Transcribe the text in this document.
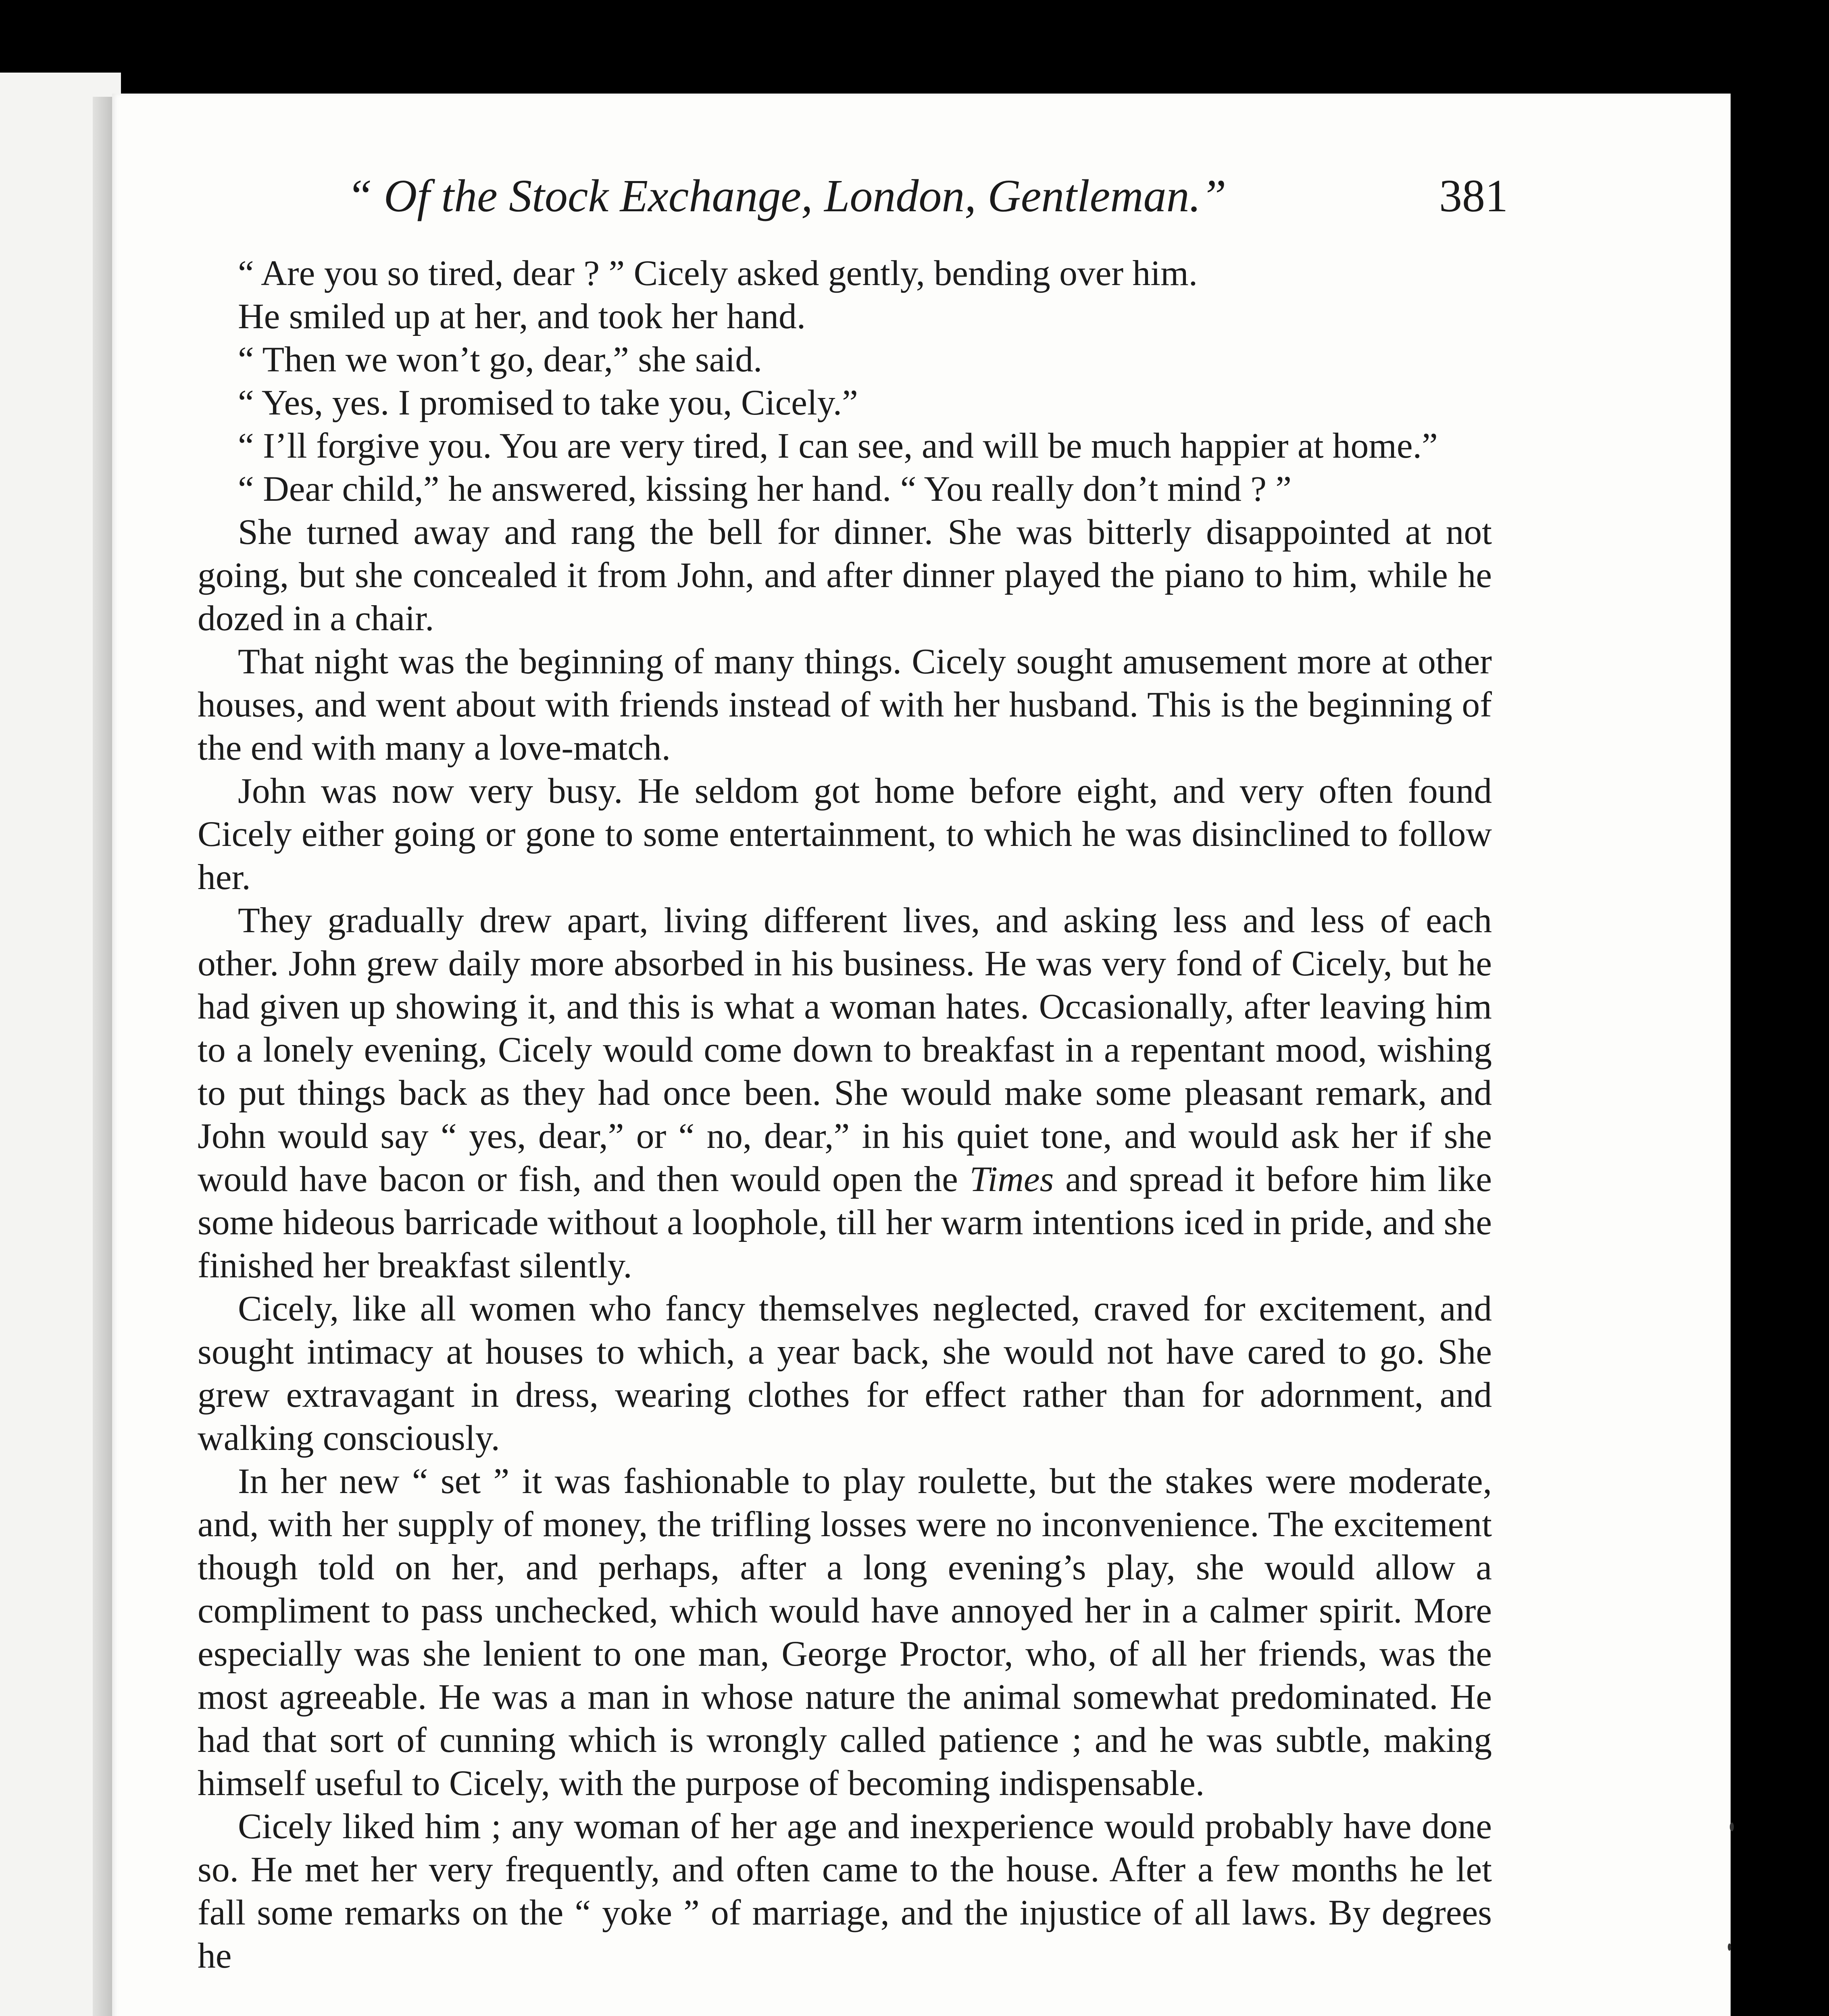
“ Of the Stock Exchange, London, Gentleman.”	381

“ Are you so tired, dear ? ” Cicely asked gently, bending over him.

He smiled up at her, and took her hand.

“ Then we won’t go, dear,” she said.

“ Yes, yes. I promised to take you, Cicely.”

“ I’ll forgive you. You are very tired, I can see, and will be much happier at home.”

“ Dear child,” he answered, kissing her hand. “ You really don’t mind ? ”

She turned away and rang the bell for dinner. She was bitterly disappointed at not going, but she concealed it from John, and after dinner played the piano to him, while he dozed in a chair.

That night was the beginning of many things. Cicely sought amusement more at other houses, and went about with friends instead of with her husband. This is the beginning of the end with many a love-match.

John was now very busy. He seldom got home before eight, and very often found Cicely either going or gone to some entertainment, to which he was disinclined to follow her.

They gradually drew apart, living different lives, and asking less and less of each other. John grew daily more absorbed in his business. He was very fond of Cicely, but he had given up showing it, and this is what a woman hates. Occasionally, after leaving him to a lonely evening, Cicely would come down to breakfast in a repentant mood, wishing to put things back as they had once been. She would make some pleasant remark, and John would say “ yes, dear,” or “ no, dear,” in his quiet tone, and would ask her if she would have bacon or fish, and then would open the Times and spread it before him like some hideous barricade without a loophole, till her warm intentions iced in pride, and she finished her breakfast silently.

Cicely, like all women who fancy themselves neglected, craved for excitement, and sought intimacy at houses to which, a year back, she would not have cared to go. She grew extravagant in dress, wearing clothes for effect rather than for adornment, and walking consciously.

In her new “ set ” it was fashionable to play roulette, but the stakes were moderate, and, with her supply of money, the trifling losses were no inconvenience. The excitement though told on her, and perhaps, after a long evening’s play, she would allow a compliment to pass unchecked, which would have annoyed her in a calmer spirit. More especially was she lenient to one man, George Proctor, who, of all her friends, was the most agreeable. He was a man in whose nature the animal somewhat predominated. He had that sort of cunning which is wrongly called patience ; and he was subtle, making himself useful to Cicely, with the purpose of becoming indispensable.

Cicely liked him ; any woman of her age and inexperience would probably have done so. He met her very frequently, and often came to the house. After a few months he let fall some remarks on the “ yoke ” of marriage, and the injustice of all laws. By degrees he
